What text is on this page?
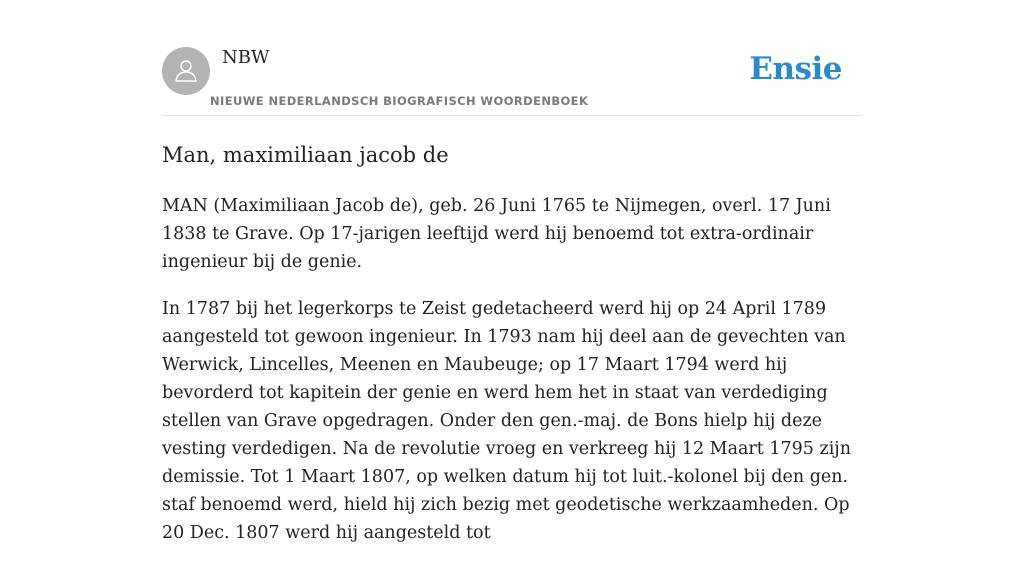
NBW
NIEUWE NEDERLANDSCH BIOGRAFISCH WOORDENBOEK
Ensie
Man, maximiliaan jacob de

MAN (Maximiliaan Jacob de), geb. 26 Juni 1765 te Nijmegen, overl. 17 Juni 1838 te Grave. Op 17-jarigen leeftijd werd hij benoemd tot extra-ordinair ingenieur bij de genie.

In 1787 bij het legerkorps te Zeist gedetacheerd werd hij op 24 April 1789 aangesteld tot gewoon ingenieur. In 1793 nam hij deel aan de gevechten van Werwick, Lincelles, Meenen en Maubeuge; op 17 Maart 1794 werd hij bevorderd tot kapitein der genie en werd hem het in staat van verdediging stellen van Grave opgedragen. Onder den gen.-maj. de Bons hielp hij deze vesting verdedigen. Na de revolutie vroeg en verkreeg hij 12 Maart 1795 zijn demissie. Tot 1 Maart 1807, op welken datum hij tot luit.-kolonel bij den gen. staf benoemd werd, hield hij zich bezig met geodetische werkzaamheden. Op 20 Dec. 1807 werd hij aangesteld tot
